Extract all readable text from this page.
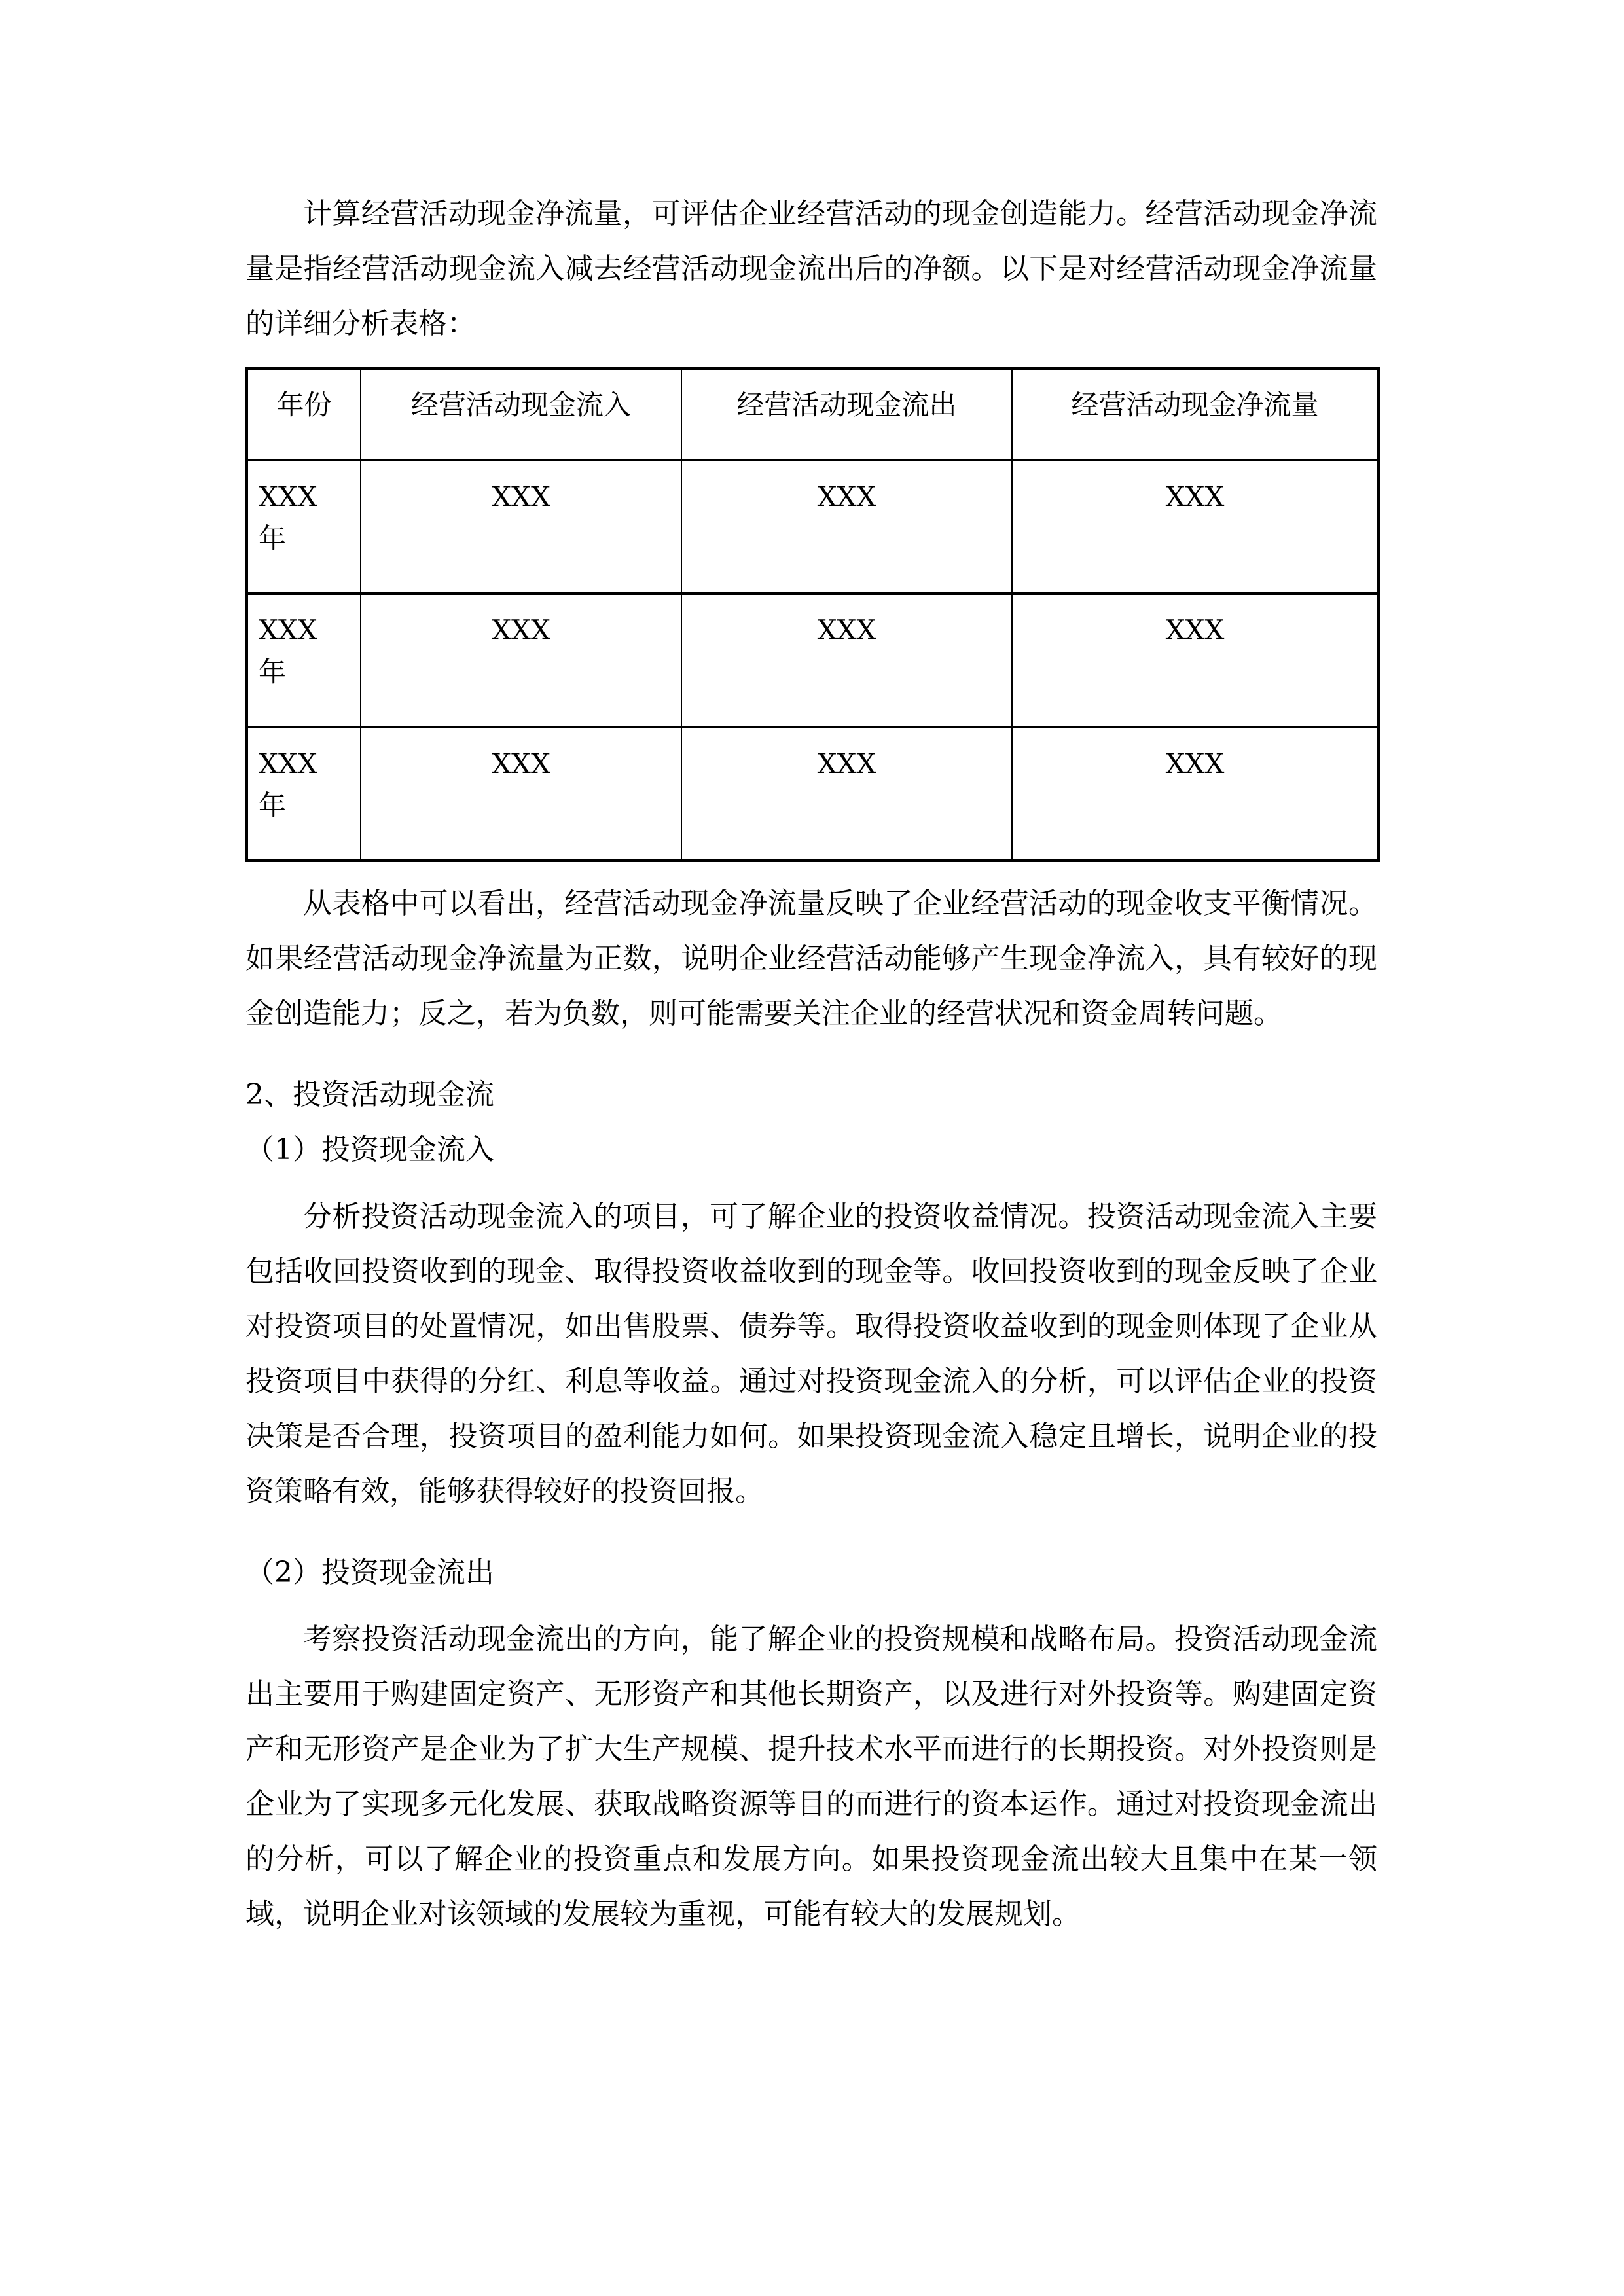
计算经营活动现金净流量，可评估企业经营活动的现金创造能力。经营活动现金净流量是指经营活动现金流入减去经营活动现金流出后的净额。以下是对经营活动现金净流量的详细分析表格：

年份	经营活动现金流入	经营活动现金流出	经营活动现金净流量
XXX 年	XXX	XXX	XXX
XXX 年	XXX	XXX	XXX
XXX 年	XXX	XXX	XXX

从表格中可以看出，经营活动现金净流量反映了企业经营活动的现金收支平衡情况。如果经营活动现金净流量为正数，说明企业经营活动能够产生现金净流入，具有较好的现金创造能力；反之，若为负数，则可能需要关注企业的经营状况和资金周转问题。

2、投资活动现金流

（1）投资现金流入

分析投资活动现金流入的项目，可了解企业的投资收益情况。投资活动现金流入主要包括收回投资收到的现金、取得投资收益收到的现金等。收回投资收到的现金反映了企业对投资项目的处置情况，如出售股票、债券等。取得投资收益收到的现金则体现了企业从投资项目中获得的分红、利息等收益。通过对投资现金流入的分析，可以评估企业的投资决策是否合理，投资项目的盈利能力如何。如果投资现金流入稳定且增长，说明企业的投资策略有效，能够获得较好的投资回报。

（2）投资现金流出

考察投资活动现金流出的方向，能了解企业的投资规模和战略布局。投资活动现金流出主要用于购建固定资产、无形资产和其他长期资产，以及进行对外投资等。购建固定资产和无形资产是企业为了扩大生产规模、提升技术水平而进行的长期投资。对外投资则是企业为了实现多元化发展、获取战略资源等目的而进行的资本运作。通过对投资现金流出的分析，可以了解企业的投资重点和发展方向。如果投资现金流出较大且集中在某一领域，说明企业对该领域的发展较为重视，可能有较大的发展规划。
